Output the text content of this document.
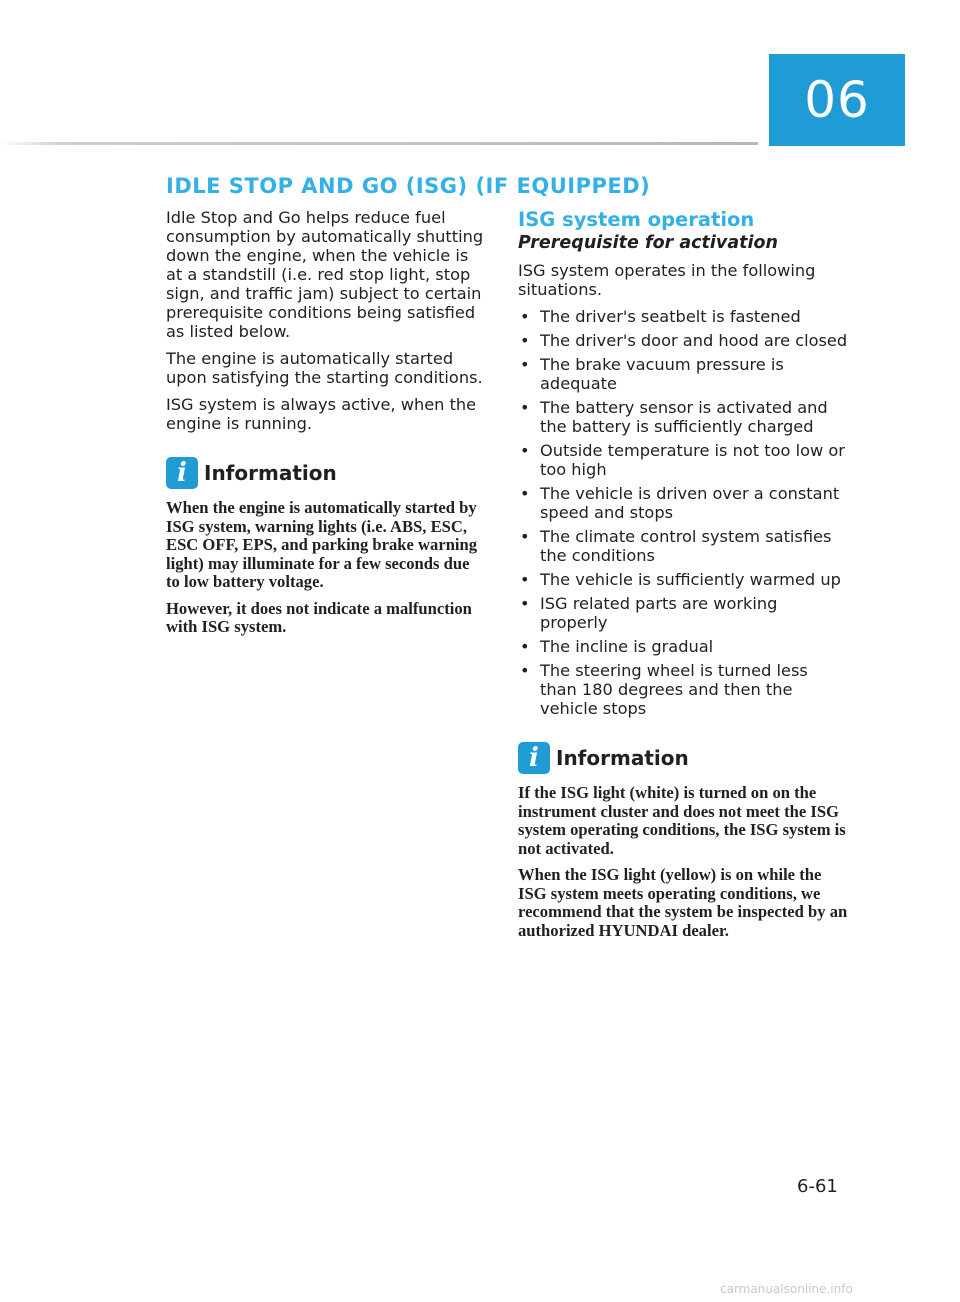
06
IDLE STOP AND GO (ISG) (IF EQUIPPED)

Idle Stop and Go helps reduce fuel consumption by automatically shutting down the engine, when the vehicle is at a standstill (i.e. red stop light, stop sign, and traffic jam) subject to certain prerequisite conditions being satisfied as listed below.

The engine is automatically started upon satisfying the starting conditions.

ISG system is always active, when the engine is running.

i Information

When the engine is automatically started by ISG system, warning lights (i.e. ABS, ESC, ESC OFF, EPS, and parking brake warning light) may illuminate for a few seconds due to low battery voltage.

However, it does not indicate a malfunction with ISG system.

ISG system operation
Prerequisite for activation

ISG system operates in the following situations.

• The driver's seatbelt is fastened
• The driver's door and hood are closed
• The brake vacuum pressure is adequate
• The battery sensor is activated and the battery is sufficiently charged
• Outside temperature is not too low or too high
• The vehicle is driven over a constant speed and stops
• The climate control system satisfies the conditions
• The vehicle is sufficiently warmed up
• ISG related parts are working properly
• The incline is gradual
• The steering wheel is turned less than 180 degrees and then the vehicle stops
i Information

If the ISG light (white) is turned on on the instrument cluster and does not meet the ISG system operating conditions, the ISG system is not activated.

When the ISG light (yellow) is on while the ISG system meets operating conditions, we recommend that the system be inspected by an authorized HYUNDAI dealer.

6-61
carmanualsonline.info
